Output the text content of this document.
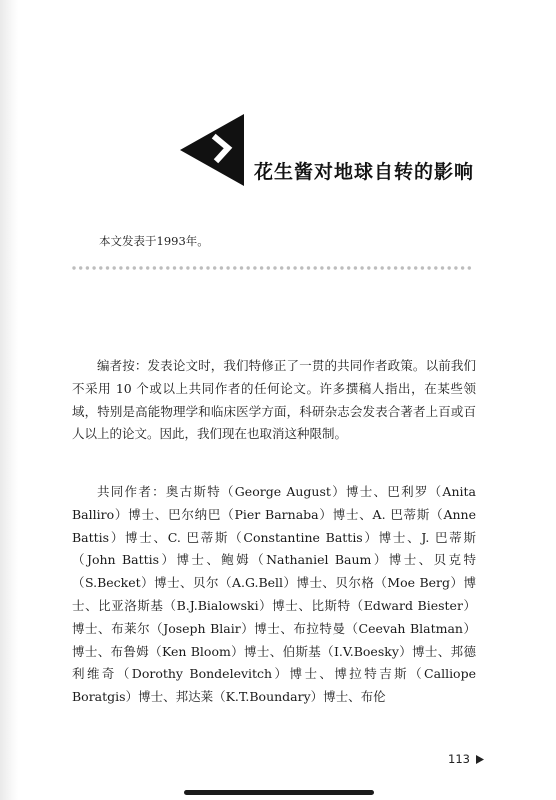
花生酱对地球自转的影响
本文发表于1993年。

编者按：发表论文时，我们特修正了一贯的共同作者政策。以前我们不采用 10 个或以上共同作者的任何论文。许多撰稿人指出，在某些领域，特别是高能物理学和临床医学方面，科研杂志会发表合著者上百或百人以上的论文。因此，我们现在也取消这种限制。

共同作者：奥古斯特（George August）博士、巴利罗（Anita Balliro）博士、巴尔纳巴（Pier Barnaba）博士、A. 巴蒂斯（Anne Battis）博士、C. 巴蒂斯（Constantine Battis）博士、J. 巴蒂斯（John Battis）博士、鲍姆（Nathaniel Baum）博士、贝克特（S.Becket）博士、贝尔（A.G.Bell）博士、贝尔格（Moe Berg）博士、比亚洛斯基（B.J.Bialowski）博士、比斯特（Edward Biester）博士、布莱尔（Joseph Blair）博士、布拉特曼（Ceevah Blatman）博士、布鲁姆（Ken Bloom）博士、伯斯基（I.V.Boesky）博士、邦德利维奇（Dorothy Bondelevitch）博士、博拉特吉斯（Calliope Boratgis）博士、邦达莱（K.T.Boundary）博士、布伦

113
